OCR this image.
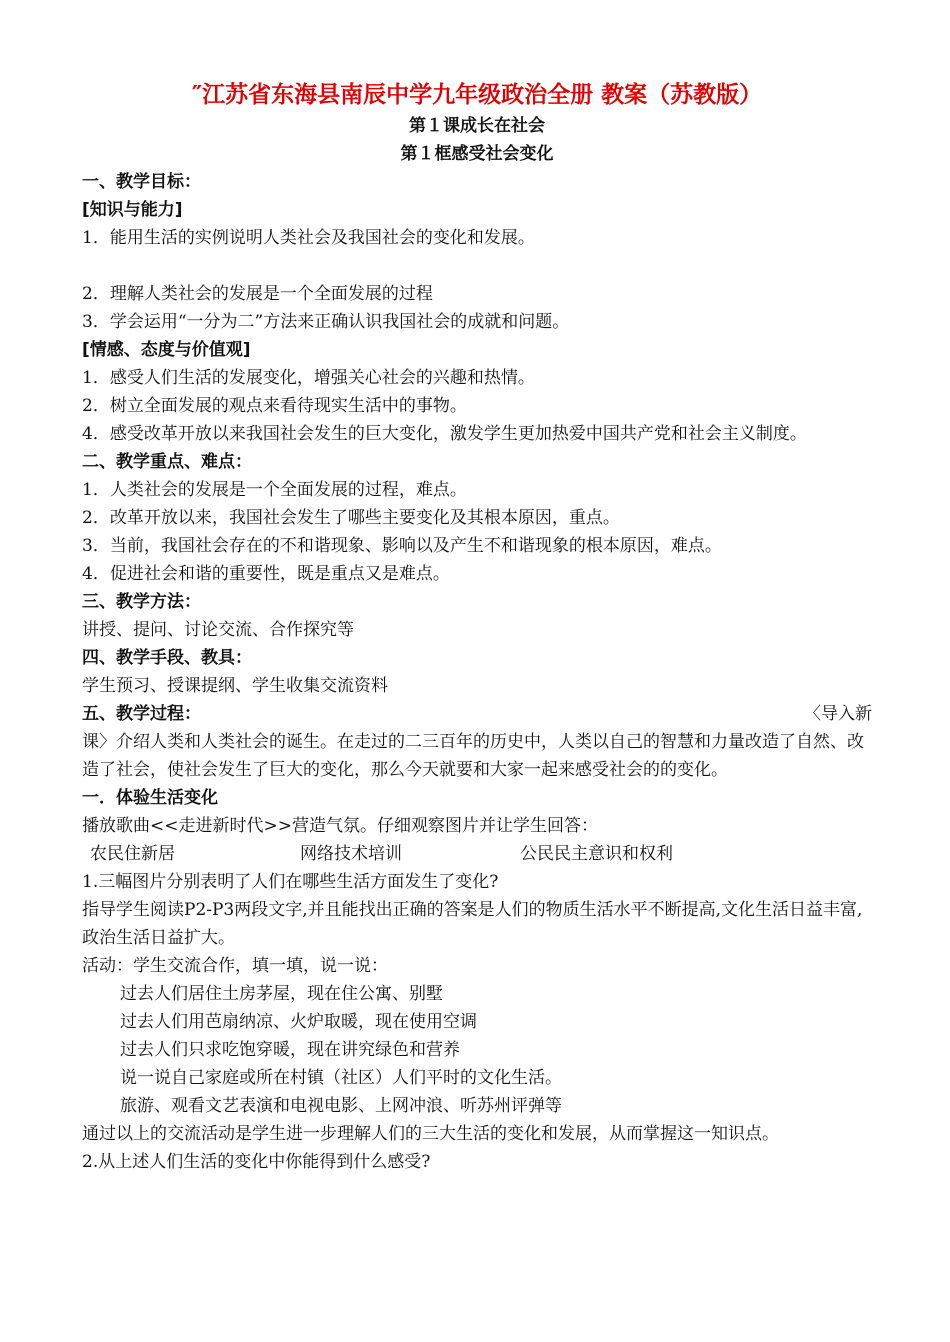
″江苏省东海县南辰中学九年级政治全册 教案（苏教版）
第１课成长在社会
第１框感受社会变化
一、教学目标：
[知识与能力]
1．能用生活的实例说明人类社会及我国社会的变化和发展。
2．理解人类社会的发展是一个全面发展的过程
3．学会运用“一分为二”方法来正确认识我国社会的成就和问题。
[情感、态度与价值观]
1．感受人们生活的发展变化，增强关心社会的兴趣和热情。
2．树立全面发展的观点来看待现实生活中的事物。
4．感受改革开放以来我国社会发生的巨大变化，激发学生更加热爱中国共产党和社会主义制度。
二、教学重点、难点：
1．人类社会的发展是一个全面发展的过程，难点。
2．改革开放以来，我国社会发生了哪些主要变化及其根本原因，重点。
3．当前，我国社会存在的不和谐现象、影响以及产生不和谐现象的根本原因，难点。
4．促进社会和谐的重要性，既是重点又是难点。
三、教学方法：
讲授、提问、讨论交流、合作探究等
四、教学手段、教具：
学生预习、授课提纲、学生收集交流资料
五、教学过程：	〈导入新
课〉介绍人类和人类社会的诞生。在走过的二三百年的历史中，人类以自己的智慧和力量改造了自然、改造了社会，使社会发生了巨大的变化，那么今天就要和大家一起来感受社会的的变化。
一．体验生活变化
播放歌曲<<走进新时代>>营造气氛。仔细观察图片并让学生回答：
农民住新居	网络技术培训	公民民主意识和权利
1.三幅图片分别表明了人们在哪些生活方面发生了变化?
指导学生阅读P2-P3两段文字,并且能找出正确的答案是人们的物质生活水平不断提高,文化生活日益丰富,政治生活日益扩大。
活动：学生交流合作，填一填，说一说：
过去人们居住土房茅屋，现在住公寓、别墅
过去人们用芭扇纳凉、火炉取暖，现在使用空调
过去人们只求吃饱穿暖，现在讲究绿色和营养
说一说自己家庭或所在村镇（社区）人们平时的文化生活。
旅游、观看文艺表演和电视电影、上网冲浪、听苏州评弹等
通过以上的交流活动是学生进一步理解人们的三大生活的变化和发展，从而掌握这一知识点。
2.从上述人们生活的变化中你能得到什么感受?
